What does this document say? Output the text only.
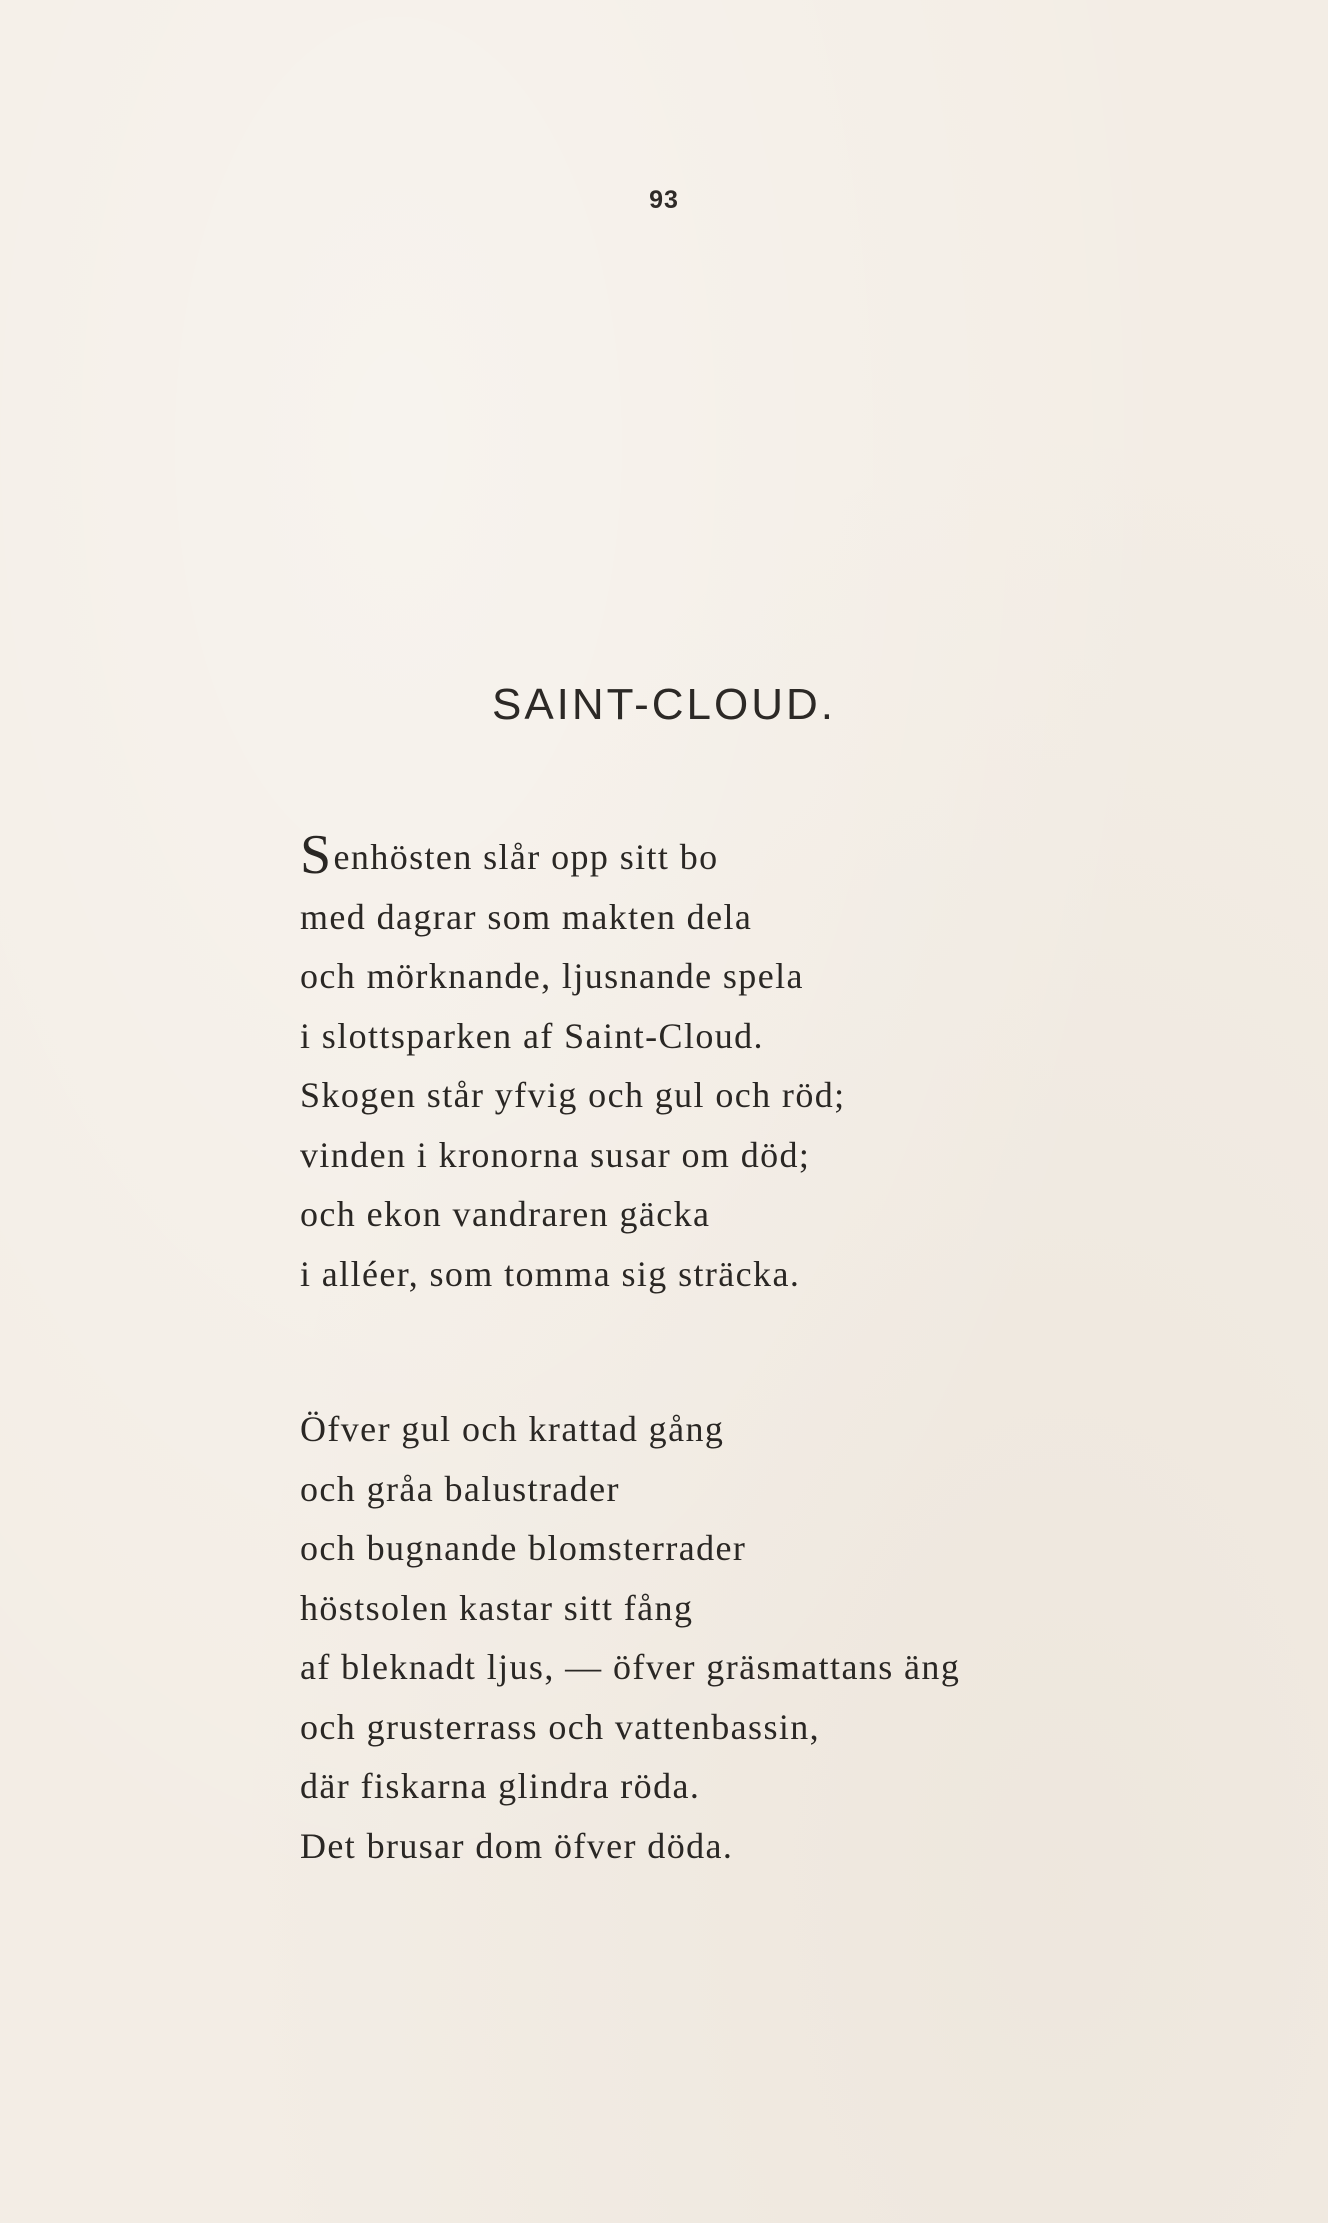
93
SAINT-CLOUD.
Senhösten slår opp sitt bo
med dagrar som makten dela
och mörknande, ljusnande spela
i slottsparken af Saint-Cloud.
Skogen står yfvig och gul och röd;
vinden i kronorna susar om död;
och ekon vandraren gäcka
i alléer, som tomma sig sträcka.
Öfver gul och krattad gång
och gråa balustrader
och bugnande blomsterrader
höstsolen kastar sitt fång
af bleknadt ljus, — öfver gräsmattans äng
och grusterrass och vattenbassin,
där fiskarna glindra röda.
Det brusar dom öfver döda.
